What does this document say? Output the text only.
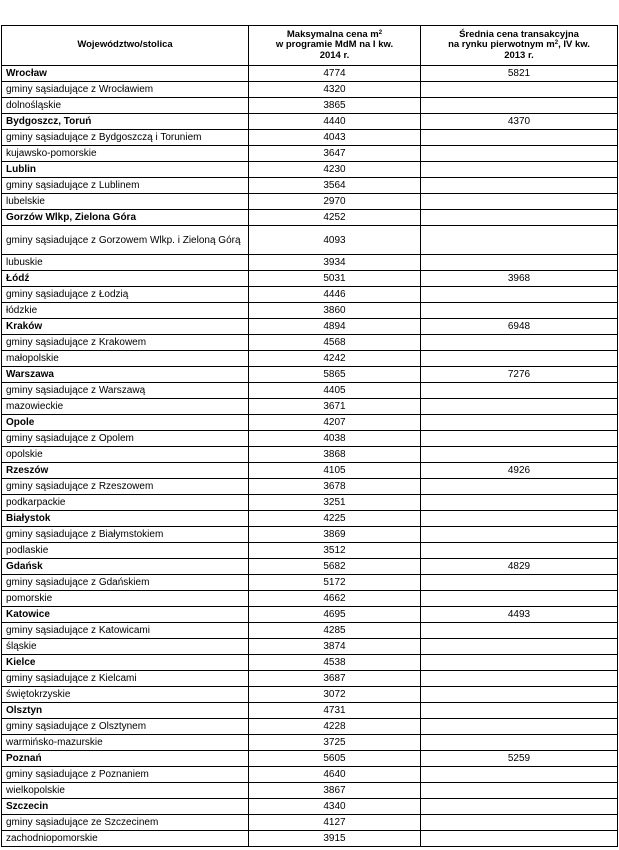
Województwo/stolica	Maksymalna cena $m^2$
w programie MdM na I kw.
2014 r.	Średnia cena transakcyjna
na rynku pierwotnym $m^2$, IV kw.
2013 r.
Wrocław	4774	5821
gminy sąsiadujące z Wrocławiem	4320	
dolnośląskie	3865	
Bydgoszcz, Toruń	4440	4370
gminy sąsiadujące z Bydgoszczą i Toruniem	4043	
kujawsko-pomorskie	3647	
Lublin	4230	
gminy sąsiadujące z Lublinem	3564	
lubelskie	2970	
Gorzów Wlkp, Zielona Góra	4252	
gminy sąsiadujące z Gorzowem Wlkp. i Zieloną Górą	4093	
lubuskie	3934	
Łódź	5031	3968
gminy sąsiadujące z Łodzią	4446	
łódzkie	3860	
Kraków	4894	6948
gminy sąsiadujące z Krakowem	4568	
małopolskie	4242	
Warszawa	5865	7276
gminy sąsiadujące z Warszawą	4405	
mazowieckie	3671	
Opole	4207	
gminy sąsiadujące z Opolem	4038	
opolskie	3868	
Rzeszów	4105	4926
gminy sąsiadujące z Rzeszowem	3678	
podkarpackie	3251	
Białystok	4225	
gminy sąsiadujące z Białymstokiem	3869	
podlaskie	3512	
Gdańsk	5682	4829
gminy sąsiadujące z Gdańskiem	5172	
pomorskie	4662	
Katowice	4695	4493
gminy sąsiadujące z Katowicami	4285	
śląskie	3874	
Kielce	4538	
gminy sąsiadujące z Kielcami	3687	
świętokrzyskie	3072	
Olsztyn	4731	
gminy sąsiadujące z Olsztynem	4228	
warmińsko-mazurskie	3725	
Poznań	5605	5259
gminy sąsiadujące z Poznaniem	4640	
wielkopolskie	3867	
Szczecin	4340	
gminy sąsiadujące ze Szczecinem	4127	
zachodniopomorskie	3915	
